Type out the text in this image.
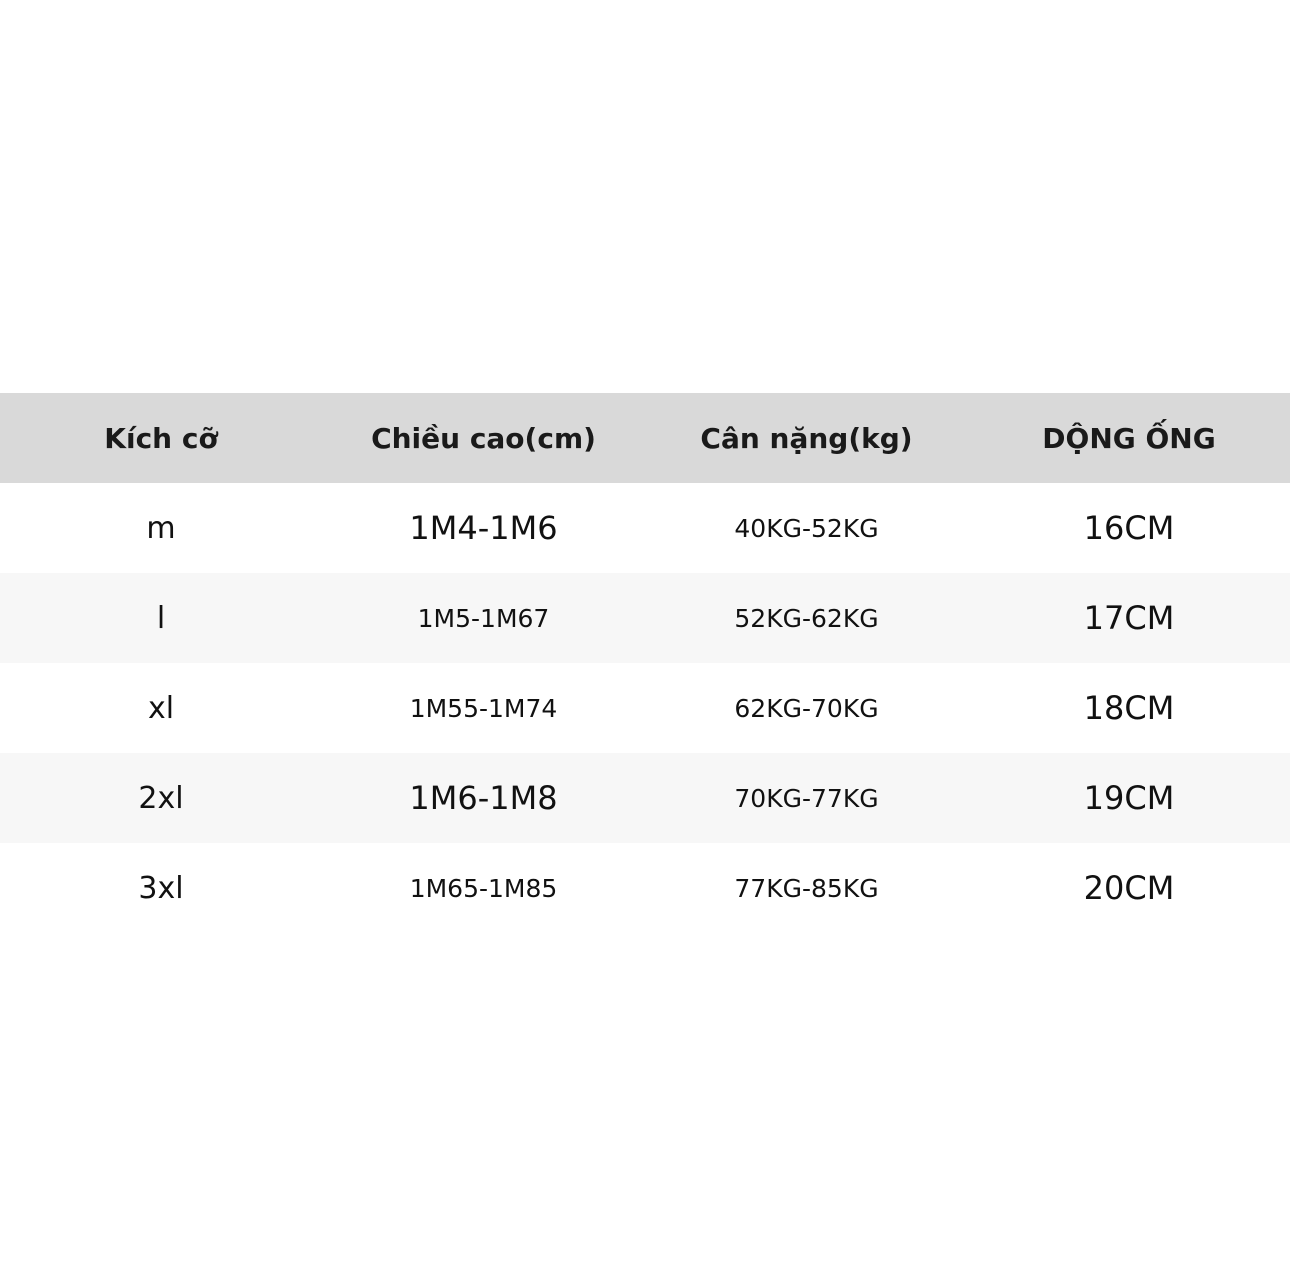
Kích cỡ	Chiều cao(cm)	Cân nặng(kg)	DỘNG ỐNG
m	1M4-1M6	40KG-52KG	16CM
l	1M5-1M67	52KG-62KG	17CM
xl	1M55-1M74	62KG-70KG	18CM
2xl	1M6-1M8	70KG-77KG	19CM
3xl	1M65-1M85	77KG-85KG	20CM
